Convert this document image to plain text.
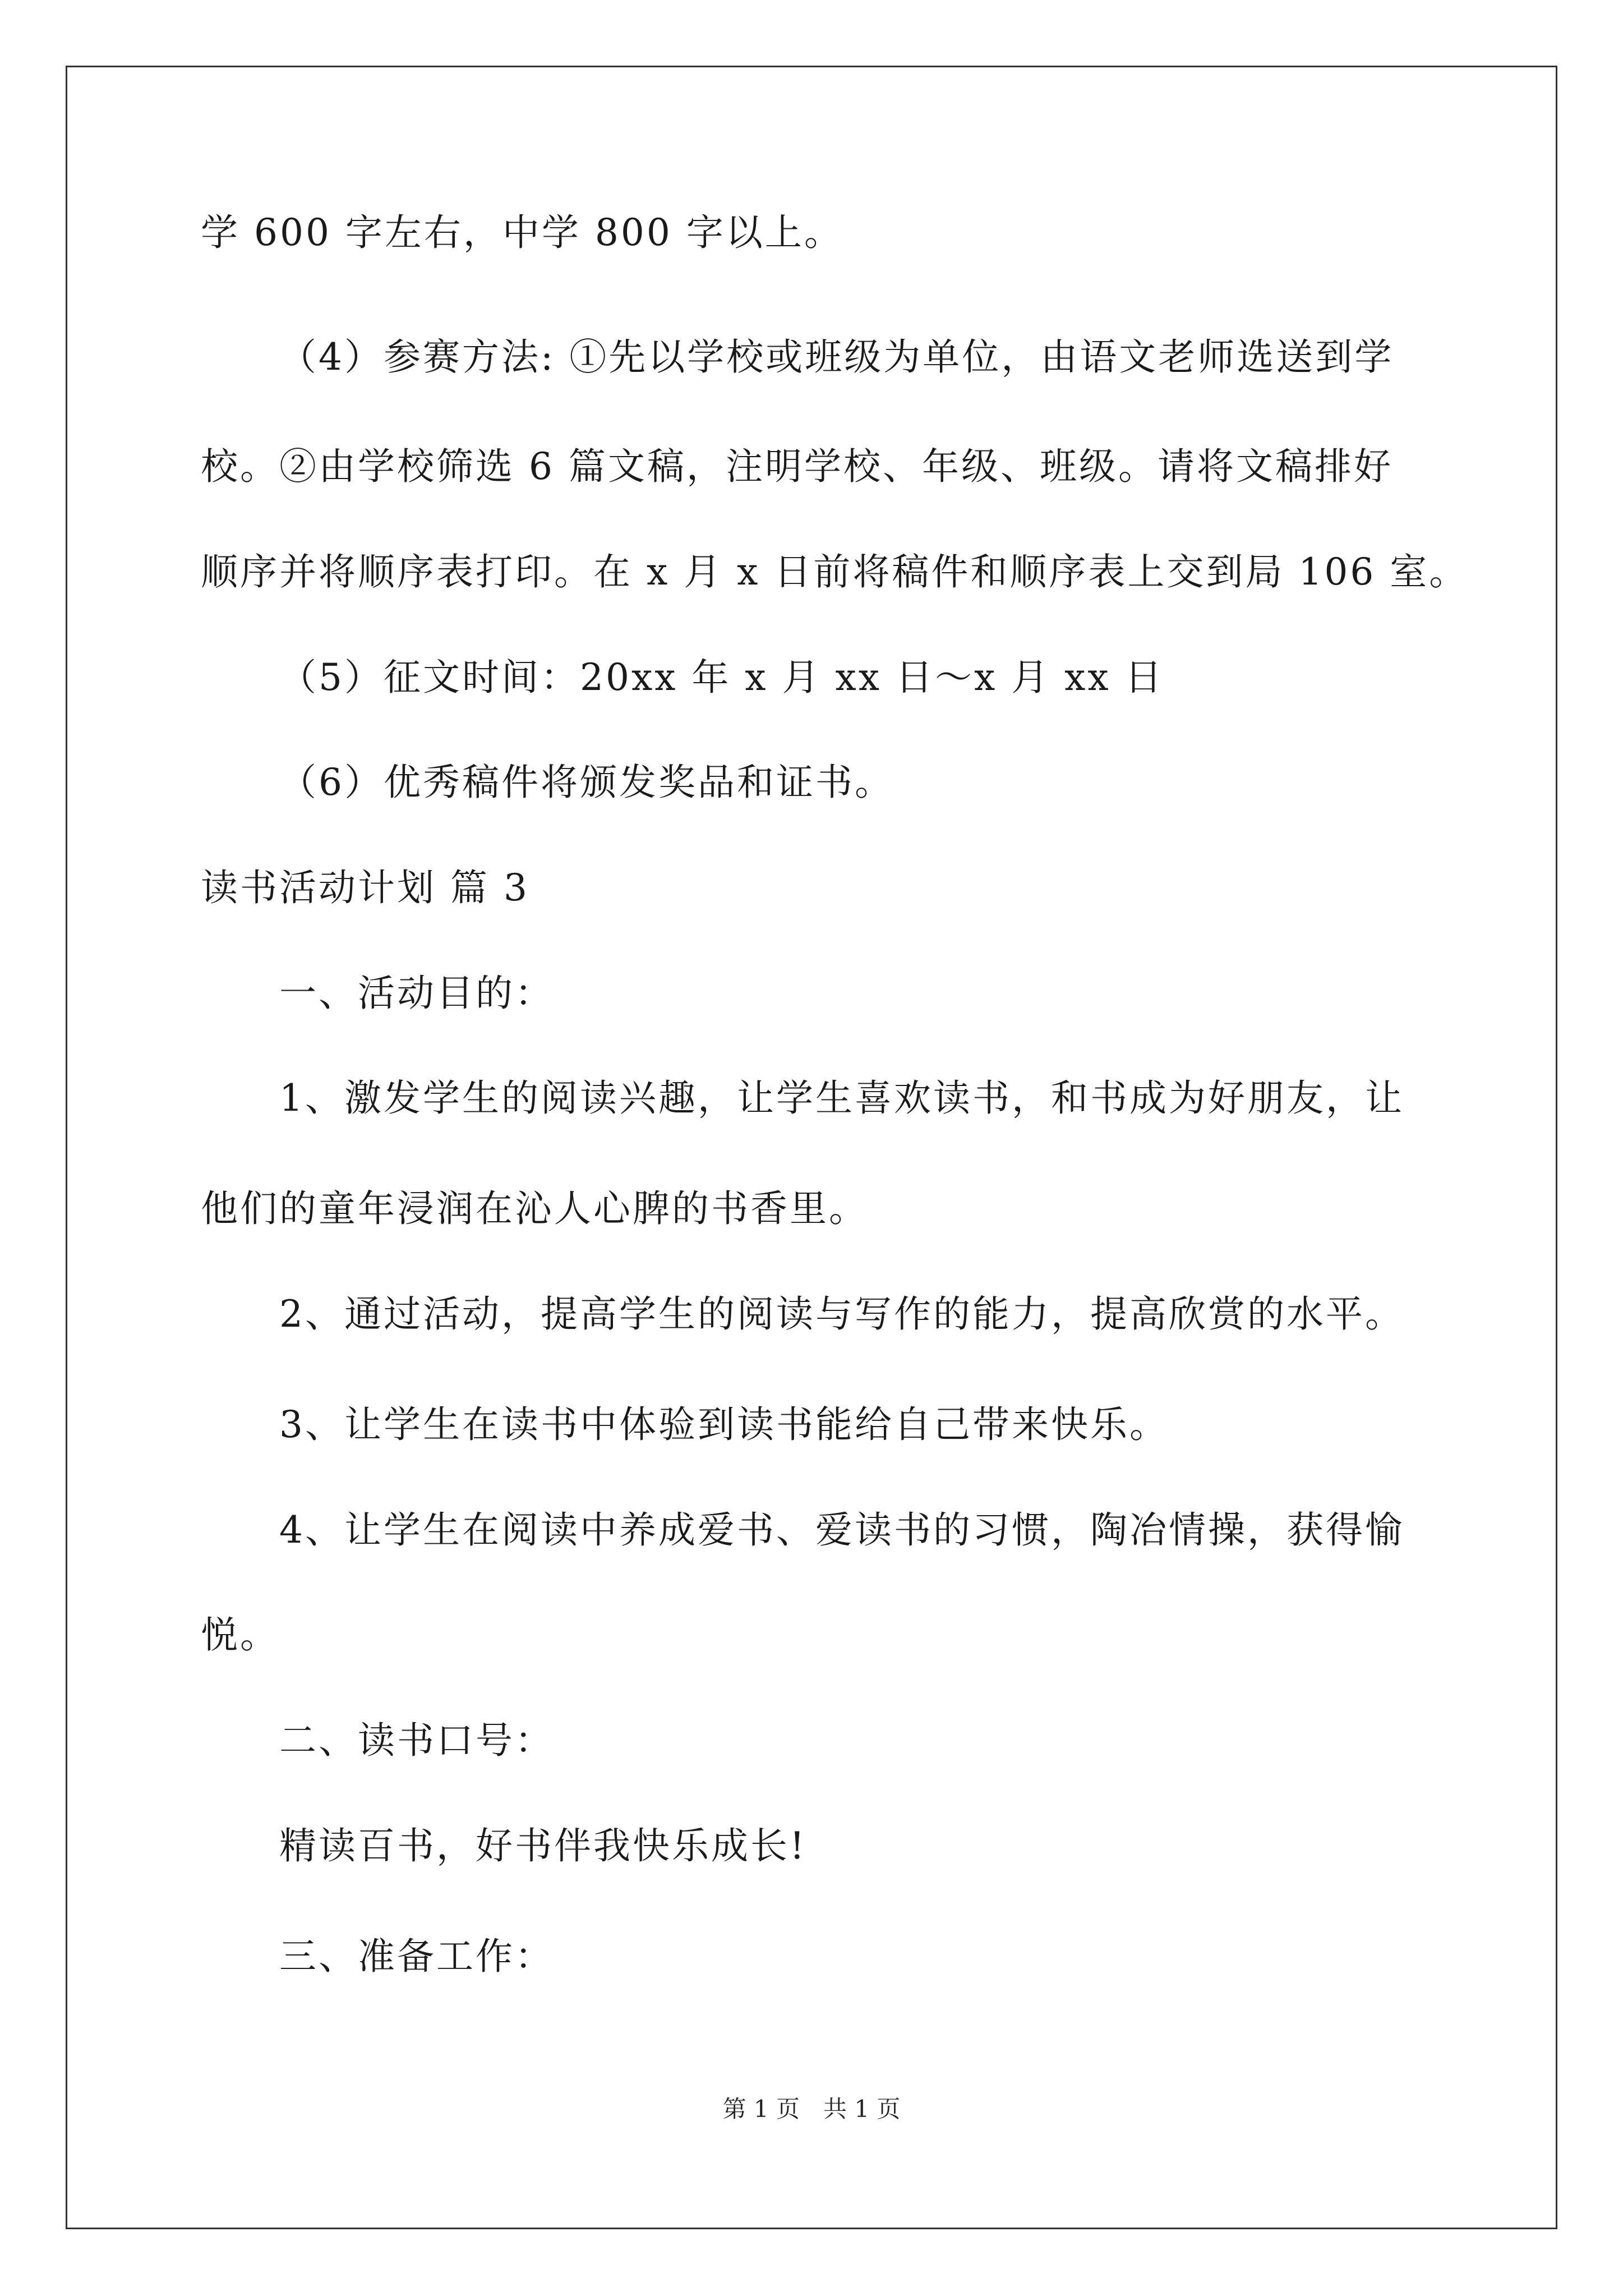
学 600 字左右，中学 800 字以上。
（4）参赛方法: ①先以学校或班级为单位，由语文老师选送到学
校。②由学校筛选 6 篇文稿，注明学校、年级、班级。请将文稿排好
顺序并将顺序表打印。在 x 月 x 日前将稿件和顺序表上交到局 106 室。
（5）征文时间：20xx 年 x 月 xx 日～x 月 xx 日
（6）优秀稿件将颁发奖品和证书。
读书活动计划 篇 3
一、活动目的：
1、激发学生的阅读兴趣，让学生喜欢读书，和书成为好朋友，让
他们的童年浸润在沁人心脾的书香里。
2、通过活动，提高学生的阅读与写作的能力，提高欣赏的水平。
3、让学生在读书中体验到读书能给自己带来快乐。
4、让学生在阅读中养成爱书、爱读书的习惯，陶冶情操，获得愉
悦。
二、读书口号：
精读百书，好书伴我快乐成长!
三、准备工作：
第 1 页　共 1 页
